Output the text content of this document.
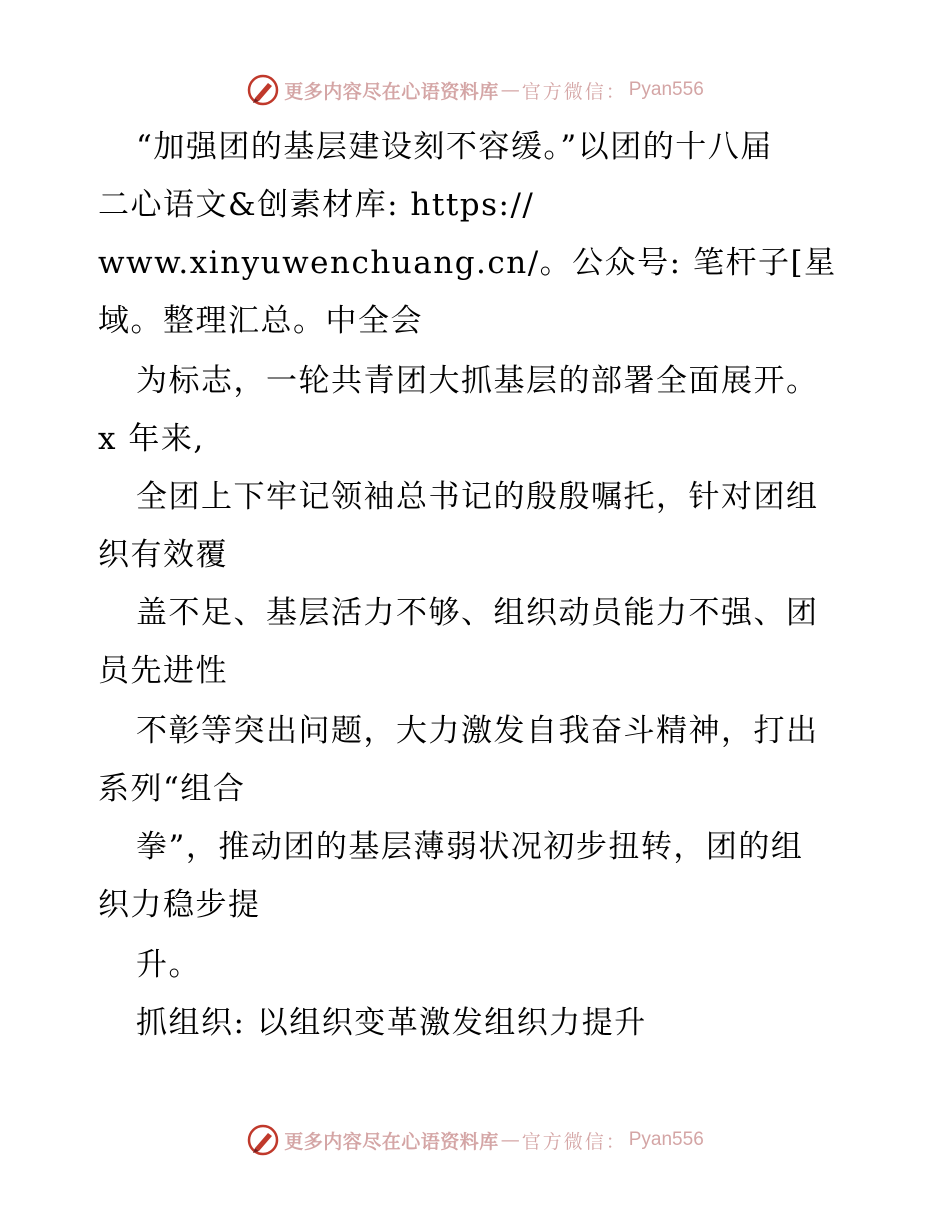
更多内容尽在心语资料库 — 官方微信： Pyan556
“加强团的基层建设刻不容缓。”以团的十八届
二心语文&创素材库: https://
www.xinyuwenchuang.cn/。公众号: 笔杆子[星
域。整理汇总。中全会
为标志，一轮共青团大抓基层的部署全面展开。
x 年来,
全团上下牢记领袖总书记的殷殷嘱托，针对团组
织有效覆
盖不足、基层活力不够、组织动员能力不强、团
员先进性
不彰等突出问题，大力激发自我奋斗精神，打出
系列“组合
拳”，推动团的基层薄弱状况初步扭转，团的组
织力稳步提
升。
抓组织: 以组织变革激发组织力提升
更多内容尽在心语资料库 — 官方微信： Pyan556
